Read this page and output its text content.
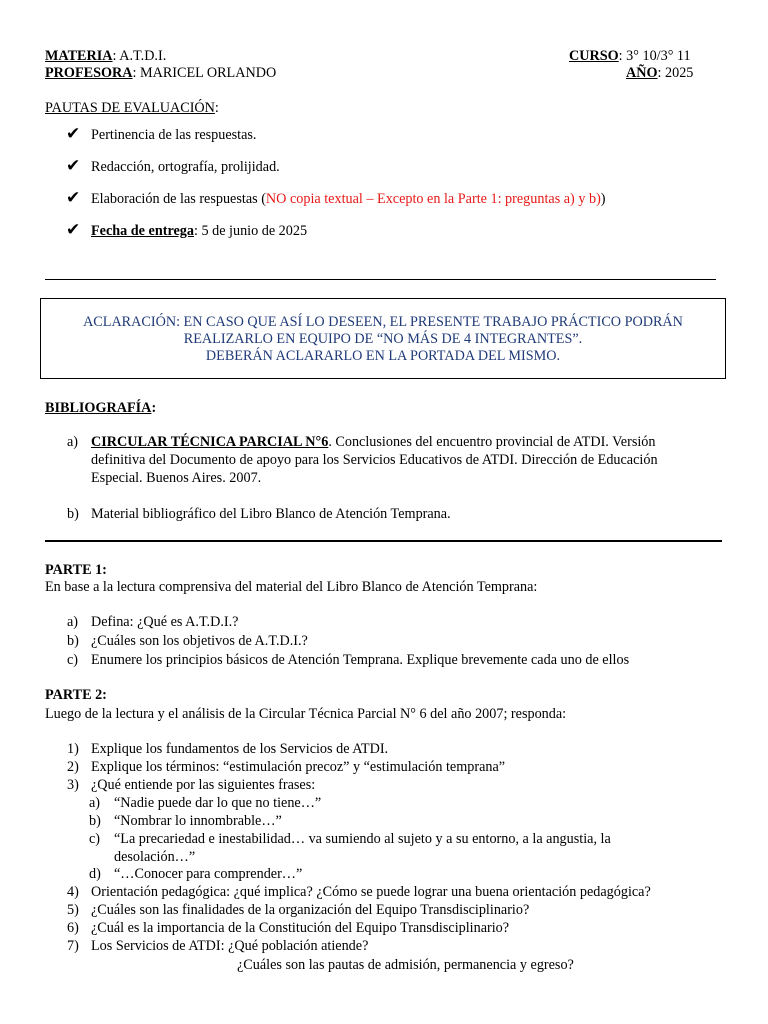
MATERIA: A.T.D.I.
PROFESORA: MARICEL ORLANDO
CURSO: 3° 10/3° 11
AÑO: 2025
PAUTAS DE EVALUACIÓN:
✔ Pertinencia de las respuestas.
✔ Redacción, ortografía, prolijidad.
✔ Elaboración de las respuestas (NO copia textual – Excepto en la Parte 1: preguntas a) y b))
✔ Fecha de entrega: 5 de junio de 2025
ACLARACIÓN: EN CASO QUE ASÍ LO DESEEN, EL PRESENTE TRABAJO PRÁCTICO PODRÁN
REALIZARLO EN EQUIPO DE “NO MÁS DE 4 INTEGRANTES”.
DEBERÁN ACLARARLO EN LA PORTADA DEL MISMO.
BIBLIOGRAFÍA:
a) CIRCULAR TÉCNICA PARCIAL N°6. Conclusiones del encuentro provincial de ATDI. Versión
definitiva del Documento de apoyo para los Servicios Educativos de ATDI. Dirección de Educación
Especial. Buenos Aires. 2007.
b) Material bibliográfico del Libro Blanco de Atención Temprana.
PARTE 1:
En base a la lectura comprensiva del material del Libro Blanco de Atención Temprana:
a) Defina: ¿Qué es A.T.D.I.?
b) ¿Cuáles son los objetivos de A.T.D.I.?
c) Enumere los principios básicos de Atención Temprana. Explique brevemente cada uno de ellos
PARTE 2:
Luego de la lectura y el análisis de la Circular Técnica Parcial N° 6 del año 2007; responda:
1) Explique los fundamentos de los Servicios de ATDI.
2) Explique los términos: “estimulación precoz” y “estimulación temprana”
3) ¿Qué entiende por las siguientes frases:
a) “Nadie puede dar lo que no tiene…”
b) “Nombrar lo innombrable…”
c) “La precariedad e inestabilidad… va sumiendo al sujeto y a su entorno, a la angustia, la
desolación…”
d) “…Conocer para comprender…”
4) Orientación pedagógica: ¿qué implica? ¿Cómo se puede lograr una buena orientación pedagógica?
5) ¿Cuáles son las finalidades de la organización del Equipo Transdisciplinario?
6) ¿Cuál es la importancia de la Constitución del Equipo Transdisciplinario?
7) Los Servicios de ATDI: ¿Qué población atiende?
¿Cuáles son las pautas de admisión, permanencia y egreso?
